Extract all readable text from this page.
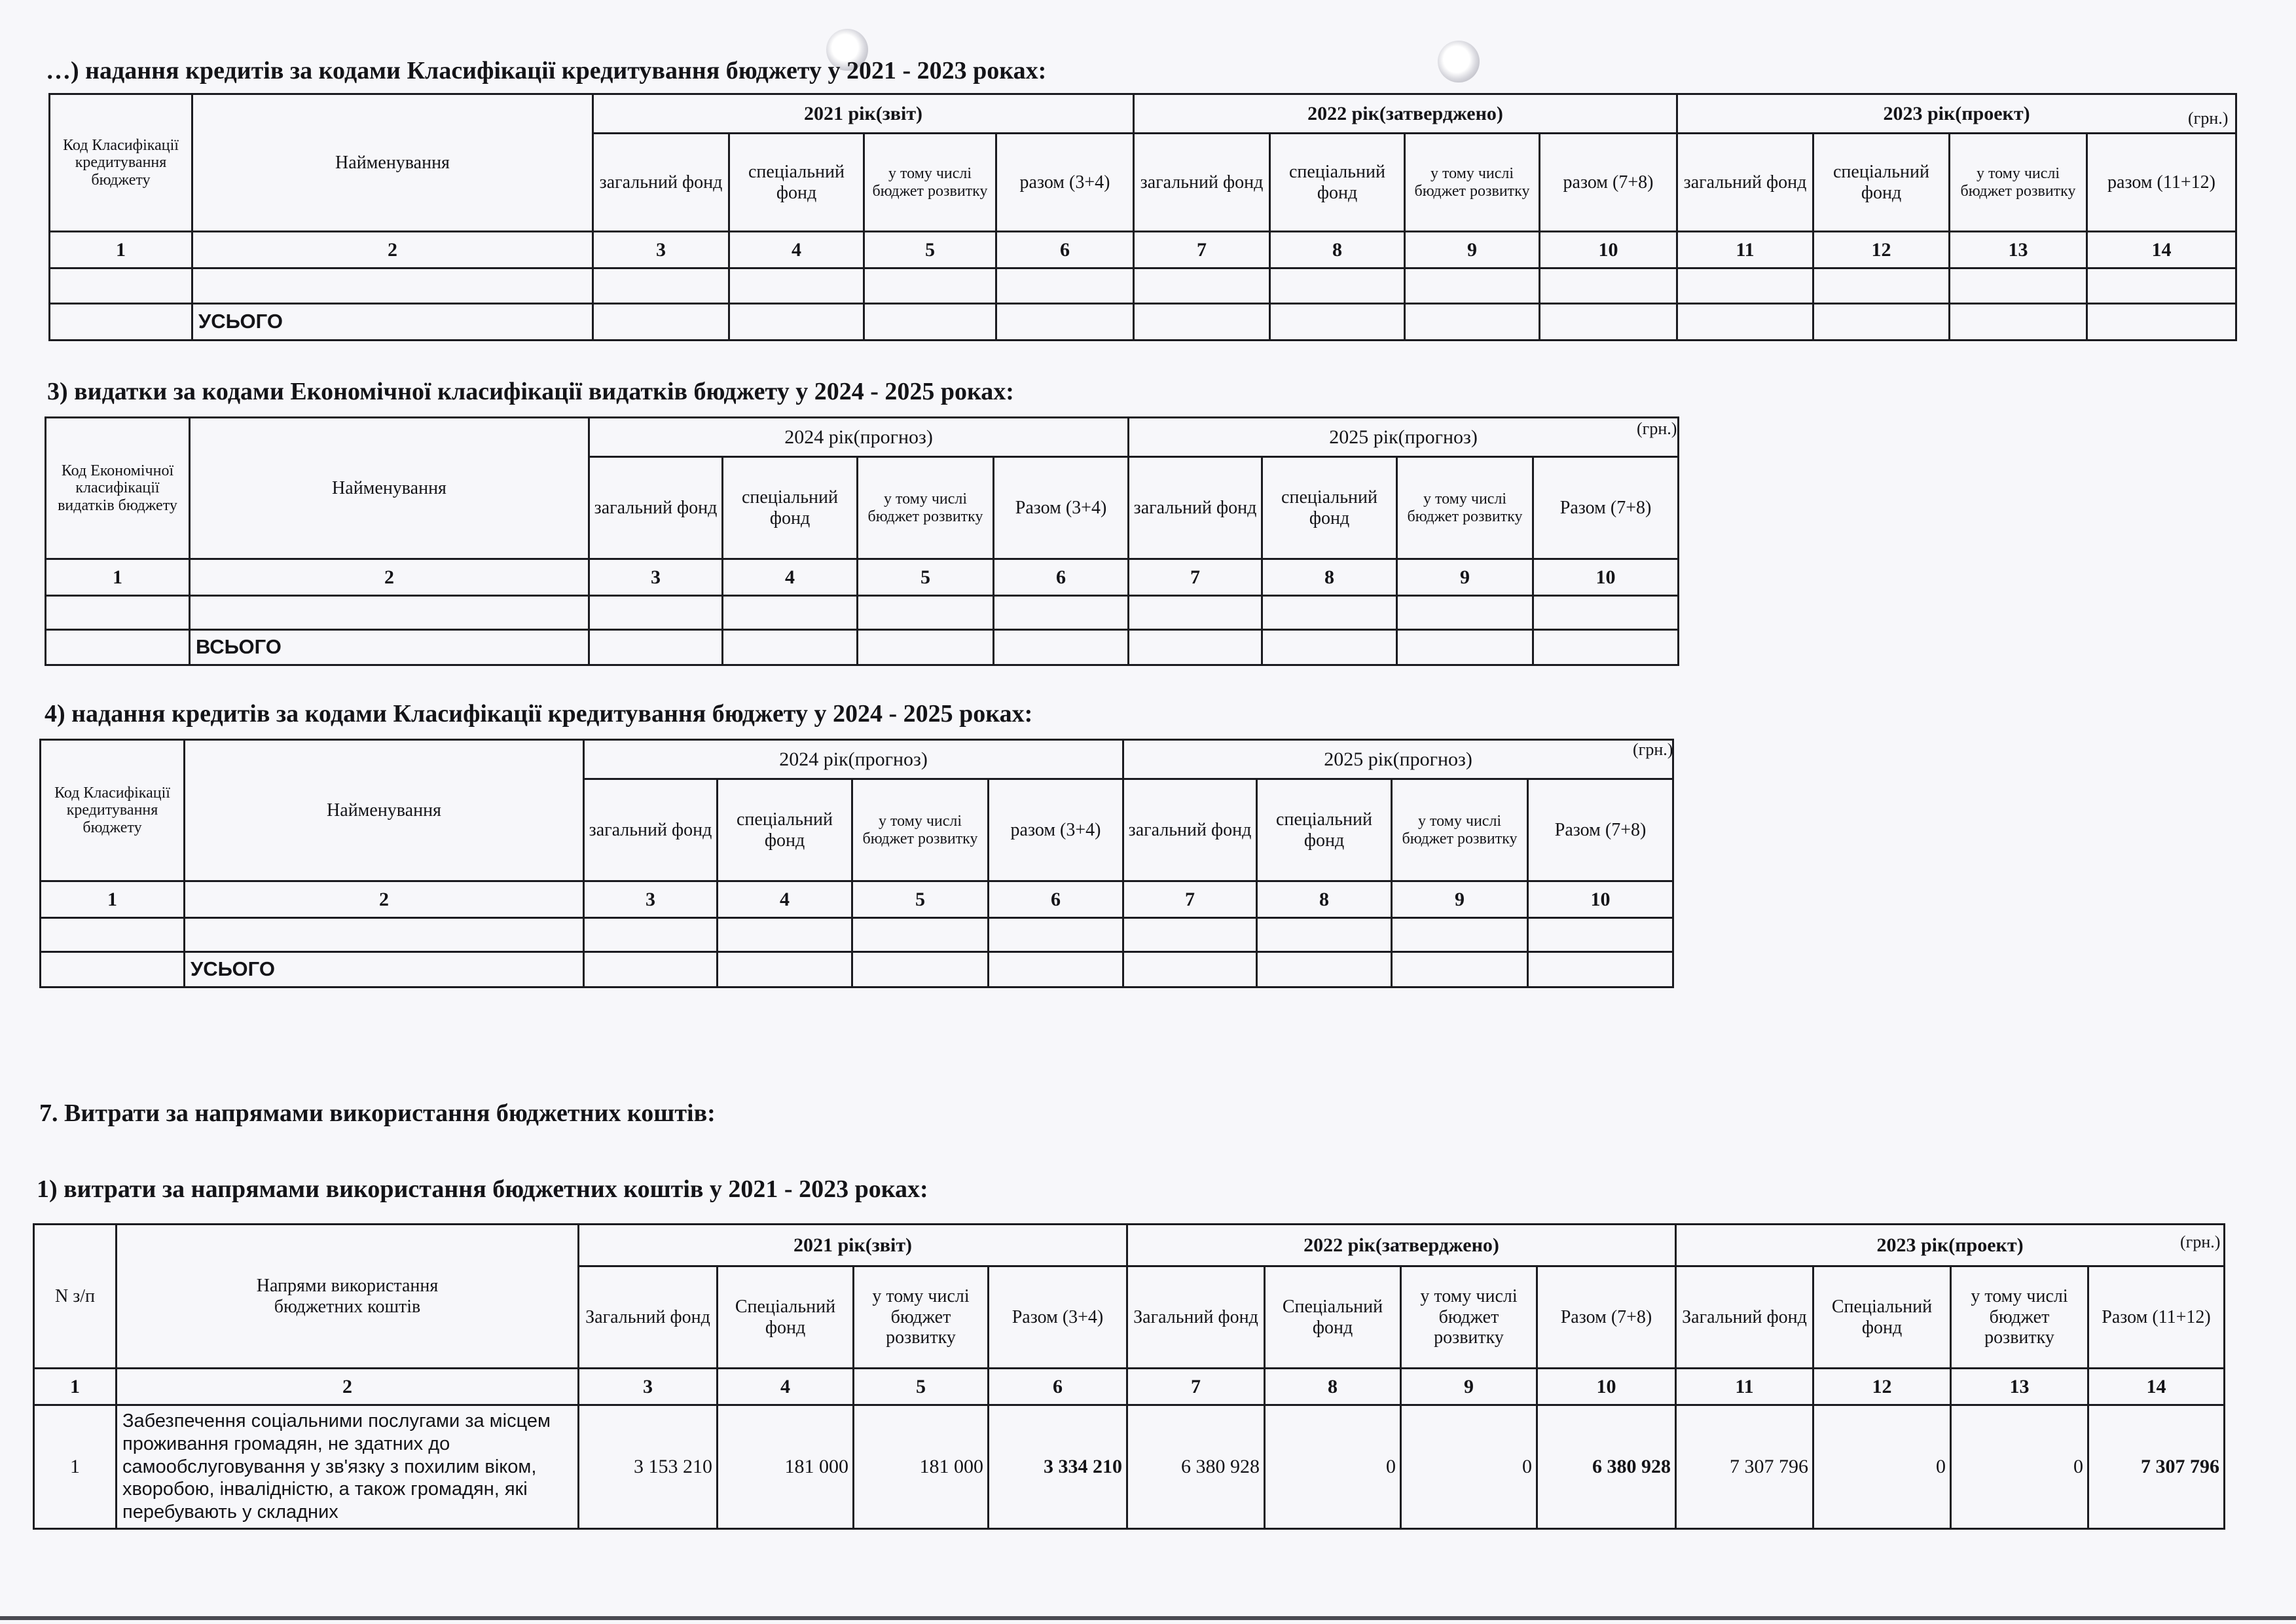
…) надання кредитів за кодами Класифікації кредитування бюджету у 2021 - 2023 роках:
(грн.)
Код Класифікації кредитування бюджету	Найменування	2021 рік(звіт)				2022 рік(затверджено)				2023 рік(проект)			
		загальний фонд	спеціальний фонд	у тому числі бюджет розвитку	разом (3+4)	загальний фонд	спеціальний фонд	у тому числі бюджет розвитку	разом (7+8)	загальний фонд	спеціальний фонд	у тому числі бюджет розвитку	разом (11+12)
1	2	3	4	5	6	7	8	9	10	11	12	13	14

	УСЬОГО												
3) видатки за кодами Економічної класифікації видатків бюджету у 2024 - 2025 роках:
(грн.)
Код Економічної класифікації видатків бюджету	Найменування	2024 рік(прогноз)				2025 рік(прогноз)			
		загальний фонд	спеціальний фонд	у тому числі бюджет розвитку	Разом (3+4)	загальний фонд	спеціальний фонд	у тому числі бюджет розвитку	Разом (7+8)
1	2	3	4	5	6	7	8	9	10

	ВСЬОГО								
4) надання кредитів за кодами Класифікації кредитування бюджету у 2024 - 2025 роках:
(грн.)
Код Класифікації кредитування бюджету	Найменування	2024 рік(прогноз)				2025 рік(прогноз)			
		загальний фонд	спеціальний фонд	у тому числі бюджет розвитку	разом (3+4)	загальний фонд	спеціальний фонд	у тому числі бюджет розвитку	Разом (7+8)
1	2	3	4	5	6	7	8	9	10

	УСЬОГО								
7. Витрати за напрямами використання бюджетних коштів:
1) витрати за напрямами використання бюджетних коштів у 2021 - 2023 роках:
(грн.)
N з/п	Напрями використання бюджетних коштів	2021 рік(звіт)				2022 рік(затверджено)				2023 рік(проект)			
		Загальний фонд	Спеціальний фонд	у тому числі бюджет розвитку	Разом (3+4)	Загальний фонд	Спеціальний фонд	у тому числі бюджет розвитку	Разом (7+8)	Загальний фонд	Спеціальний фонд	у тому числі бюджет розвитку	Разом (11+12)
1	2	3	4	5	6	7	8	9	10	11	12	13	14
1	Забезпечення соціальними послугами за місцем проживання громадян, не здатних до самообслуговування у зв'язку з похилим віком, хворобою, інвалідністю, а також громадян, які перебувають у складних	3 153 210	181 000	181 000	3 334 210	6 380 928	0	0	6 380 928	7 307 796	0	0	7 307 796
